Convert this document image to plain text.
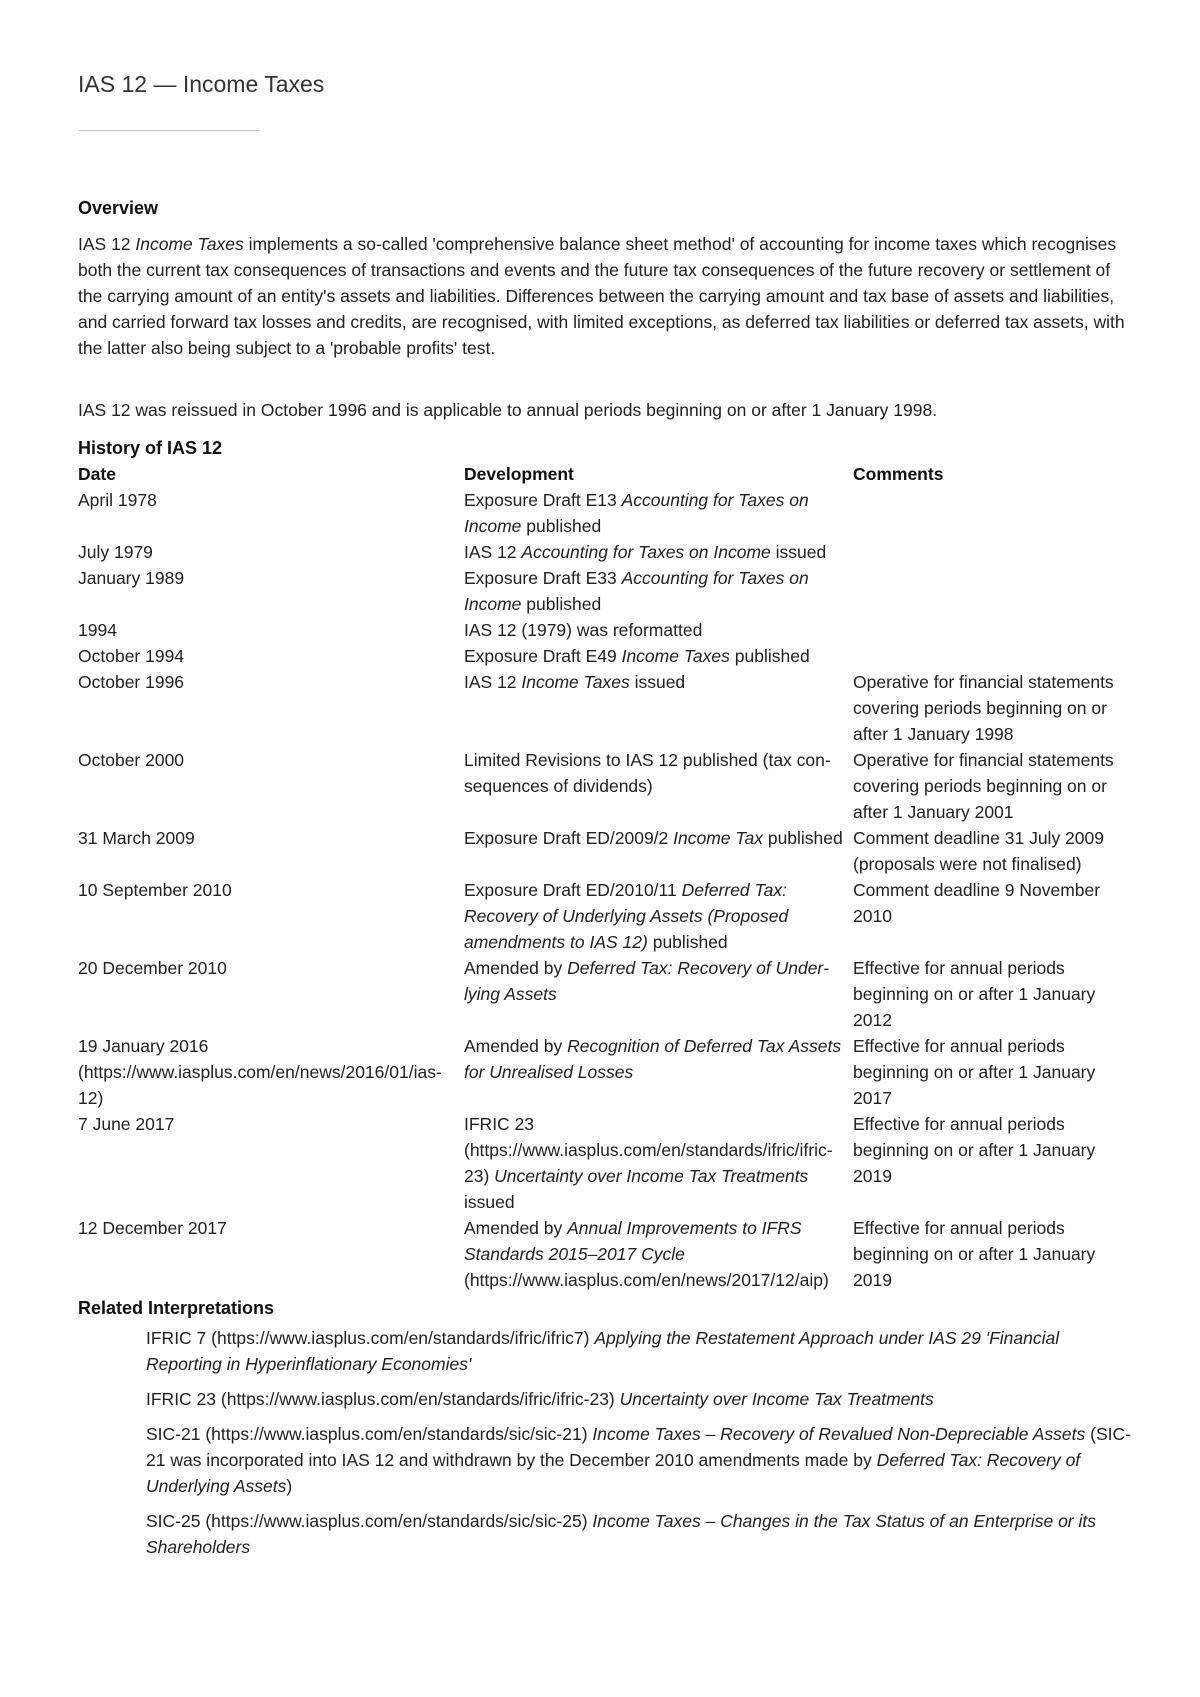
IAS 12 — Income Taxes
Overview

IAS 12 Income Taxes implements a so-called 'comprehensive balance sheet method' of accounting for income taxes which recognises both the current tax consequences of transactions and events and the future tax consequences of the future recovery or settlement of the carrying amount of an entity's assets and liabilities. Differences between the carrying amount and tax base of assets and liabilities, and carried forward tax losses and credits, are recognised, with limited exceptions, as deferred tax liabilities or deferred tax assets, with the latter also being subject to a 'probable profits' test.

IAS 12 was reissued in October 1996 and is applicable to annual periods beginning on or after 1 January 1998.

History of IAS 12
Date	Development	Comments
April 1978	Exposure Draft E13 Accounting for Taxes on Income published	
July 1979	IAS 12 Accounting for Taxes on Income issued	
January 1989	Exposure Draft E33 Accounting for Taxes on Income published	
1994	IAS 12 (1979) was reformatted	
October 1994	Exposure Draft E49 Income Taxes published	
October 1996	IAS 12 Income Taxes issued	Operative for financial statements covering periods beginning on or after 1 January 1998
October 2000	Limited Revisions to IAS 12 published (tax consequences of dividends)	Operative for financial statements covering periods beginning on or after 1 January 2001
31 March 2009	Exposure Draft ED/2009/2 Income Tax published	Comment deadline 31 July 2009 (proposals were not finalised)
10 September 2010	Exposure Draft ED/2010/11 Deferred Tax: Recovery of Underlying Assets (Proposed amendments to IAS 12) published	Comment deadline 9 November 2010
20 December 2010	Amended by Deferred Tax: Recovery of Underlying Assets	Effective for annual periods beginning on or after 1 January 2012
19 January 2016 (https://www.iasplus.com/en/news/2016/01/ias-12)	Amended by Recognition of Deferred Tax Assets for Unrealised Losses	Effective for annual periods beginning on or after 1 January 2017
7 June 2017	IFRIC 23 (https://www.iasplus.com/en/standards/ifric/ifric-23) Uncertainty over Income Tax Treatments issued	Effective for annual periods beginning on or after 1 January 2019
12 December 2017	Amended by Annual Improvements to IFRS Standards 2015–2017 Cycle (https://www.iasplus.com/en/news/2017/12/aip)	Effective for annual periods beginning on or after 1 January 2019
Related Interpretations
IFRIC 7 (https://www.iasplus.com/en/standards/ifric/ifric7) Applying the Restatement Approach under IAS 29 'Financial Reporting in Hyperinflationary Economies'
IFRIC 23 (https://www.iasplus.com/en/standards/ifric/ifric-23) Uncertainty over Income Tax Treatments
SIC-21 (https://www.iasplus.com/en/standards/sic/sic-21) Income Taxes – Recovery of Revalued Non-Depreciable Assets (SIC-21 was incorporated into IAS 12 and withdrawn by the December 2010 amendments made by Deferred Tax: Recovery of Underlying Assets)
SIC-25 (https://www.iasplus.com/en/standards/sic/sic-25) Income Taxes – Changes in the Tax Status of an Enterprise or its Shareholders
